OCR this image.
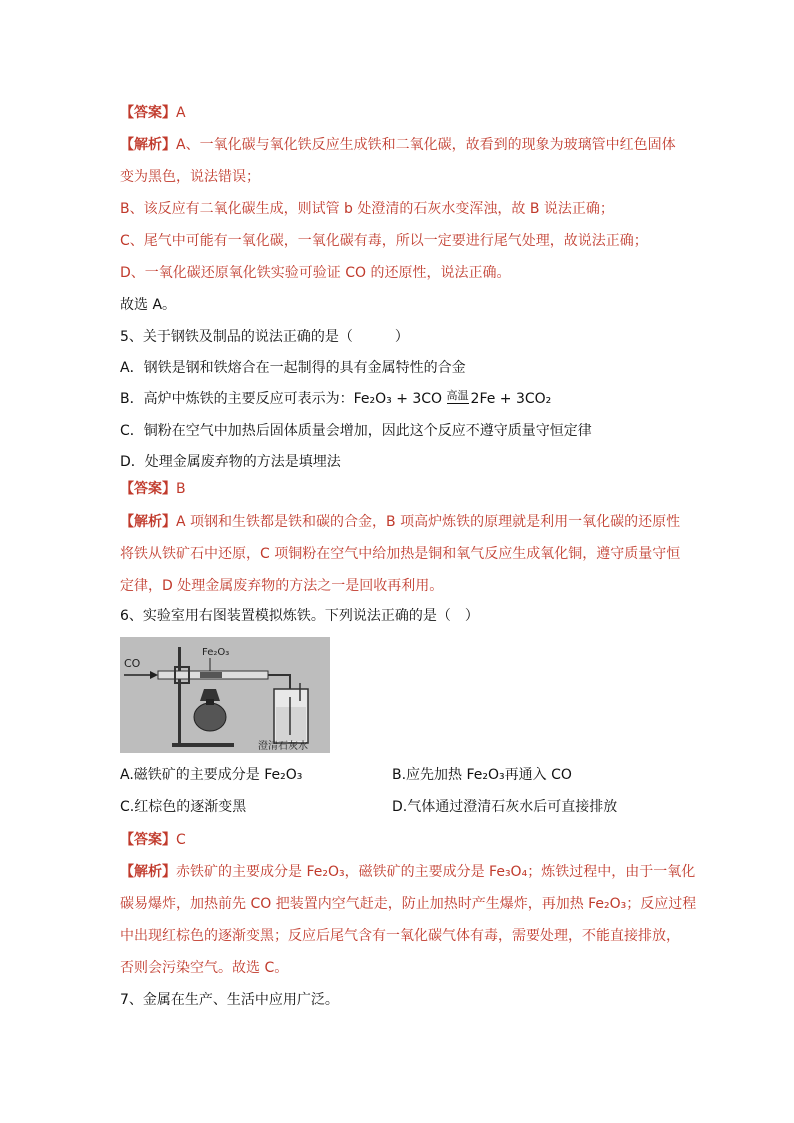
【答案】A
【解析】A、一氧化碳与氧化铁反应生成铁和二氧化碳，故看到的现象为玻璃管中红色固体
变为黑色，说法错误；
B、该反应有二氧化碳生成，则试管 b 处澄清的石灰水变浑浊，故 B 说法正确；
C、尾气中可能有一氧化碳，一氧化碳有毒，所以一定要进行尾气处理，故说法正确；
D、一氧化碳还原氧化铁实验可验证 CO 的还原性，说法正确。
故选 A。
5、关于钢铁及制品的说法正确的是（　　　）
A．钢铁是钢和铁熔合在一起制得的具有金属特性的合金
B．高炉中炼铁的主要反应可表示为：Fe₂O₃ + 3CO 高温 2Fe + 3CO₂
C．铜粉在空气中加热后固体质量会增加，因此这个反应不遵守质量守恒定律
D．处理金属废弃物的方法是填埋法
【答案】B
【解析】A 项钢和生铁都是铁和碳的合金，B 项高炉炼铁的原理就是利用一氧化碳的还原性
将铁从铁矿石中还原，C 项铜粉在空气中给加热是铜和氧气反应生成氧化铜，遵守质量守恒
定律，D 处理金属废弃物的方法之一是回收再利用。
6、实验室用右图装置模拟炼铁。下列说法正确的是（　）
CO
Fe₂O₃
澄清石灰水
A.磁铁矿的主要成分是 Fe₂O₃	B.应先加热 Fe₂O₃再通入 CO
C.红棕色的逐渐变黑	D.气体通过澄清石灰水后可直接排放
【答案】C
【解析】赤铁矿的主要成分是 Fe₂O₃，磁铁矿的主要成分是 Fe₃O₄；炼铁过程中，由于一氧化
碳易爆炸，加热前先 CO 把装置内空气赶走，防止加热时产生爆炸，再加热 Fe₂O₃；反应过程
中出现红棕色的逐渐变黑；反应后尾气含有一氧化碳气体有毒，需要处理，不能直接排放，
否则会污染空气。故选 C。
7、金属在生产、生活中应用广泛。
